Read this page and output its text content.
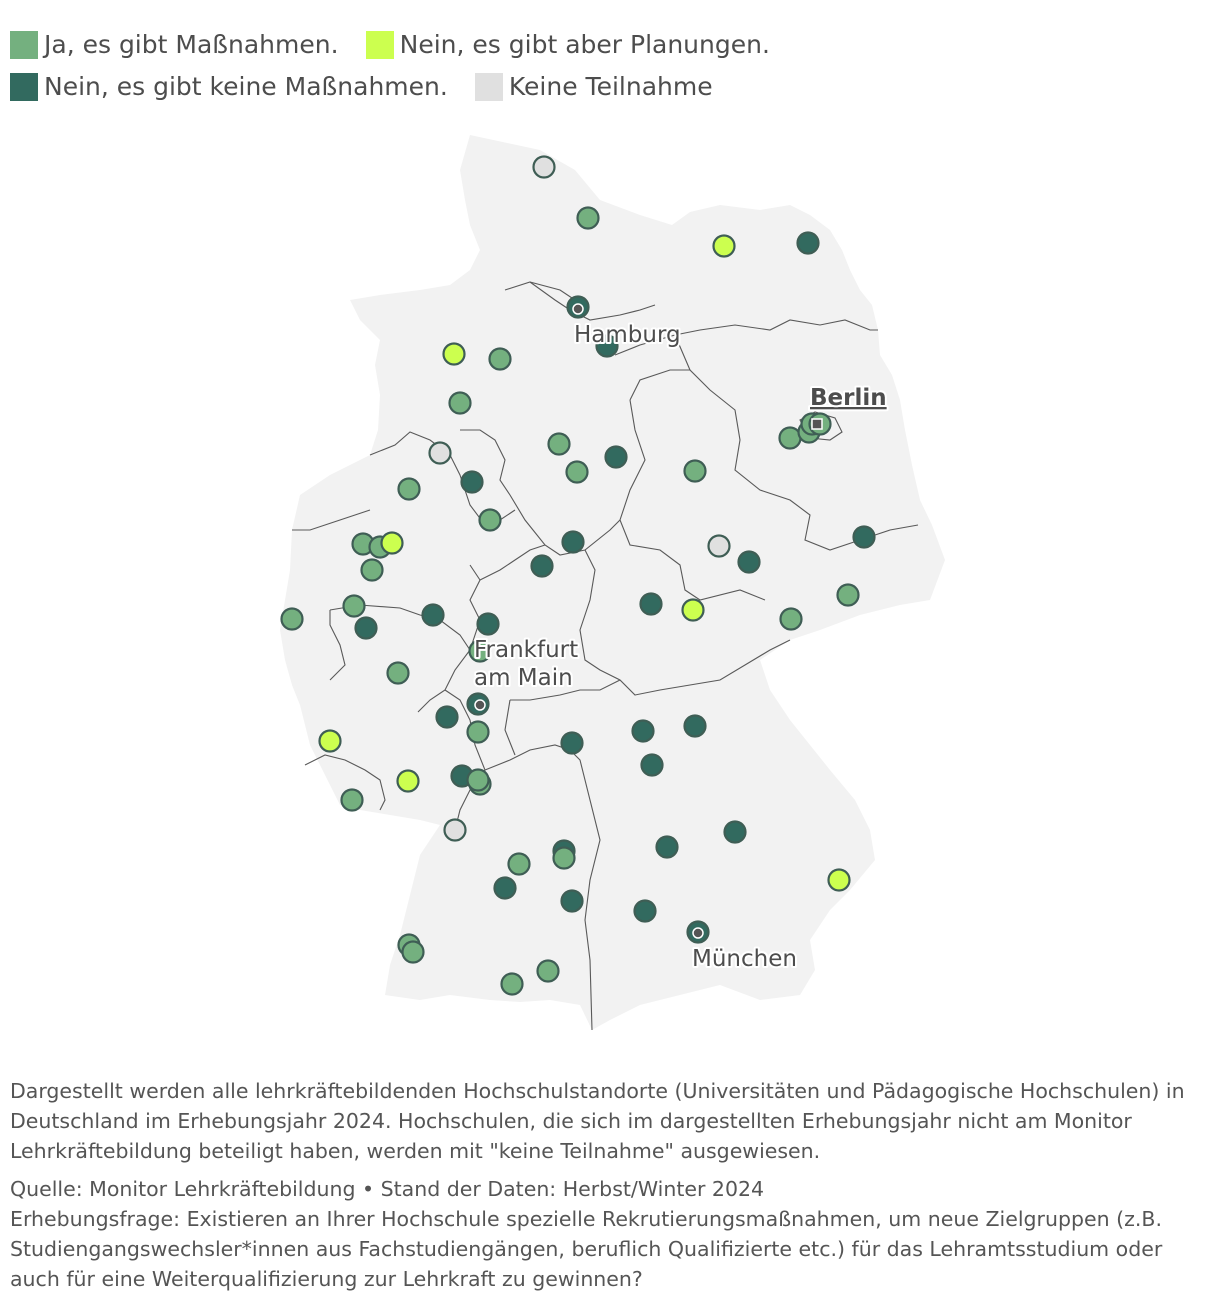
Ja, es gibt Maßnahmen.
Nein, es gibt aber Planungen.

Nein, es gibt keine Maßnahmen.
Keine Teilnahme
Hamburg
Berlin
Frankfurt
am Main
München

Dargestellt werden alle lehrkräftebildenden Hochschulstandorte (Universitäten und Pädagogische Hochschulen) in Deutschland im Erhebungsjahr 2024. Hochschulen, die sich im dargestellten Erhebungsjahr nicht am Monitor Lehrkräftebildung beteiligt haben, werden mit "keine Teilnahme" ausgewiesen.

Quelle: Monitor Lehrkräftebildung • Stand der Daten: Herbst/Winter 2024

Erhebungsfrage: Existieren an Ihrer Hochschule spezielle Rekrutierungsmaßnahmen, um neue Zielgruppen (z.B. Studiengangswechsler*innen aus Fachstudiengängen, beruflich Qualifizierte etc.) für das Lehramtsstudium oder auch für eine Weiterqualifizierung zur Lehrkraft zu gewinnen?
